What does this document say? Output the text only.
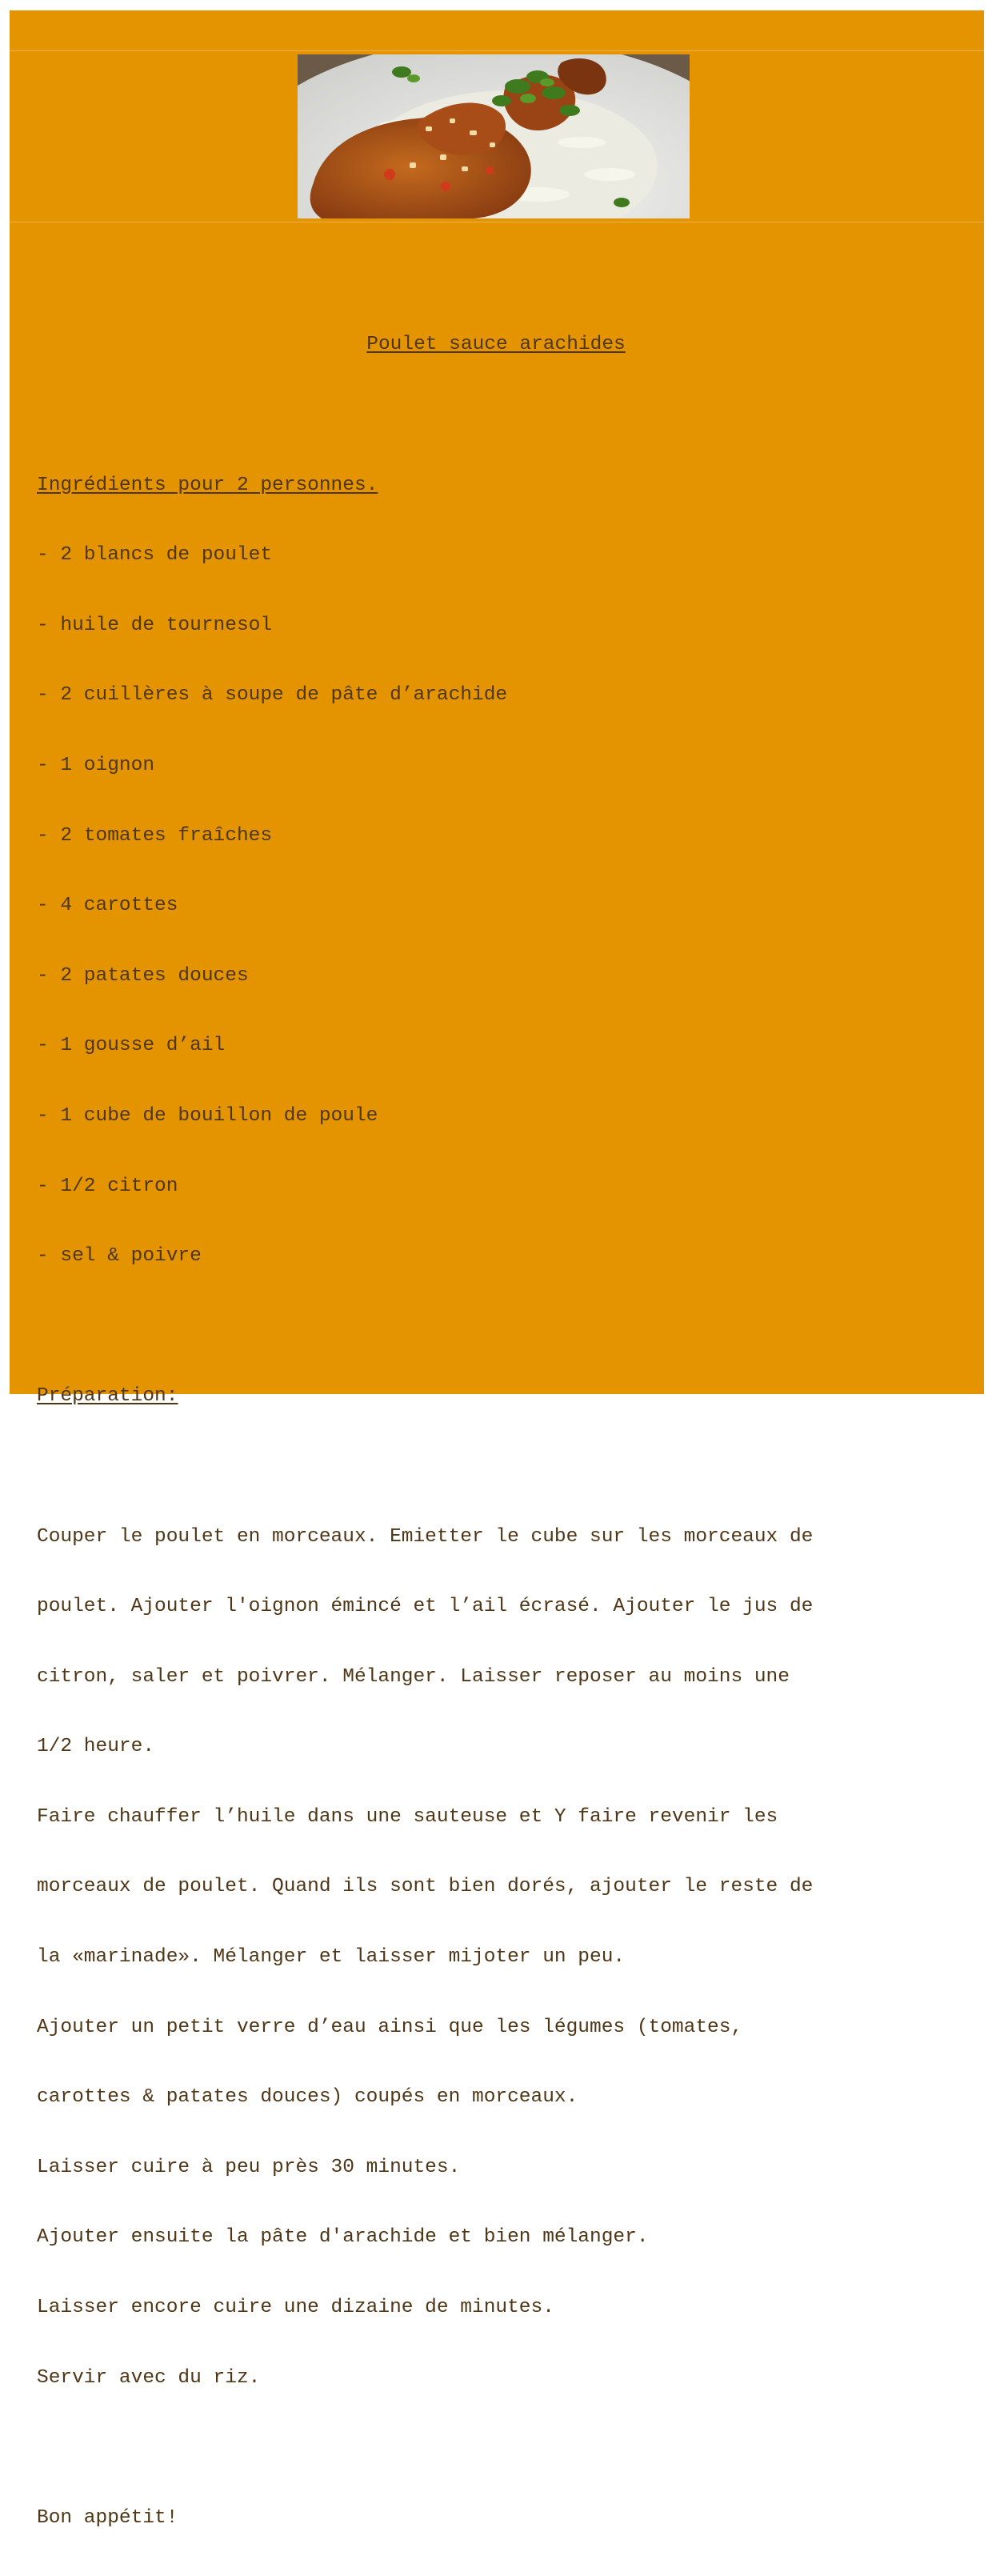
Poulet sauce arachides

Ingrédients pour 2 personnes.

- 2 blancs de poulet

- huile de tournesol

- 2 cuillères à soupe de pâte d’arachide

- 1 oignon

- 2 tomates fraîches

- 4 carottes

- 2 patates douces

- 1 gousse d’ail

- 1 cube de bouillon de poule

- 1/2 citron

- sel & poivre

Préparation:

Couper le poulet en morceaux. Emietter le cube sur les morceaux de

poulet. Ajouter l'oignon émincé et l’ail écrasé. Ajouter le jus de

citron, saler et poivrer. Mélanger. Laisser reposer au moins une

1/2 heure.

Faire chauffer l’huile dans une sauteuse et Y faire revenir les

morceaux de poulet. Quand ils sont bien dorés, ajouter le reste de

la «marinade». Mélanger et laisser mijoter un peu.

Ajouter un petit verre d’eau ainsi que les légumes (tomates,

carottes & patates douces) coupés en morceaux.

Laisser cuire à peu près 30 minutes.

Ajouter ensuite la pâte d'arachide et bien mélanger.

Laisser encore cuire une dizaine de minutes.

Servir avec du riz.

Bon appétit!
